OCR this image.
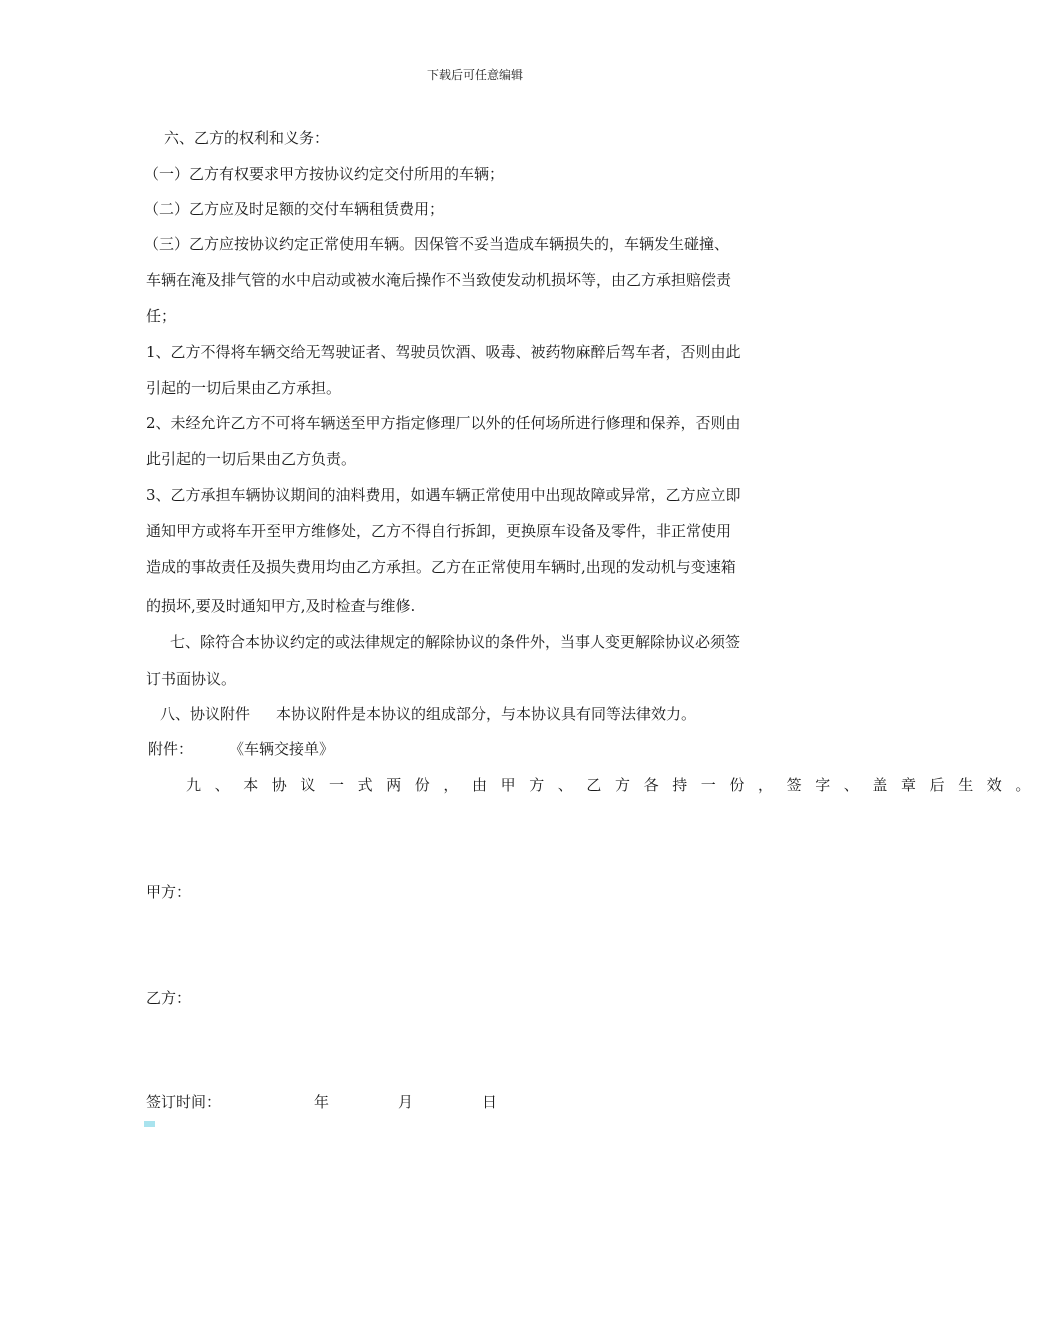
下载后可任意编辑
六、乙方的权利和义务：
（一）乙方有权要求甲方按协议约定交付所用的车辆；
（二）乙方应及时足额的交付车辆租赁费用；
（三）乙方应按协议约定正常使用车辆。因保管不妥当造成车辆损失的，车辆发生碰撞、
车辆在淹及排气管的水中启动或被水淹后操作不当致使发动机损坏等，由乙方承担赔偿责
任；
1、乙方不得将车辆交给无驾驶证者、驾驶员饮酒、吸毒、被药物麻醉后驾车者，否则由此
引起的一切后果由乙方承担。
2、未经允许乙方不可将车辆送至甲方指定修理厂以外的任何场所进行修理和保养，否则由
此引起的一切后果由乙方负责。
3、乙方承担车辆协议期间的油料费用，如遇车辆正常使用中出现故障或异常，乙方应立即
通知甲方或将车开至甲方维修处，乙方不得自行拆卸，更换原车设备及零件，非正常使用
造成的事故责任及损失费用均由乙方承担。乙方在正常使用车辆时,出现的发动机与变速箱
的损坏,要及时通知甲方,及时检查与维修.
七、除符合本协议约定的或法律规定的解除协议的条件外，当事人变更解除协议必须签
订书面协议。
八、协议附件 本协议附件是本协议的组成部分，与本协议具有同等法律效力。
附件： 《车辆交接单》
九、本协议一式两份，由甲方、乙方各持一份，签字、盖章后生效。
甲方：
乙方：
签订时间：	年	月	日
